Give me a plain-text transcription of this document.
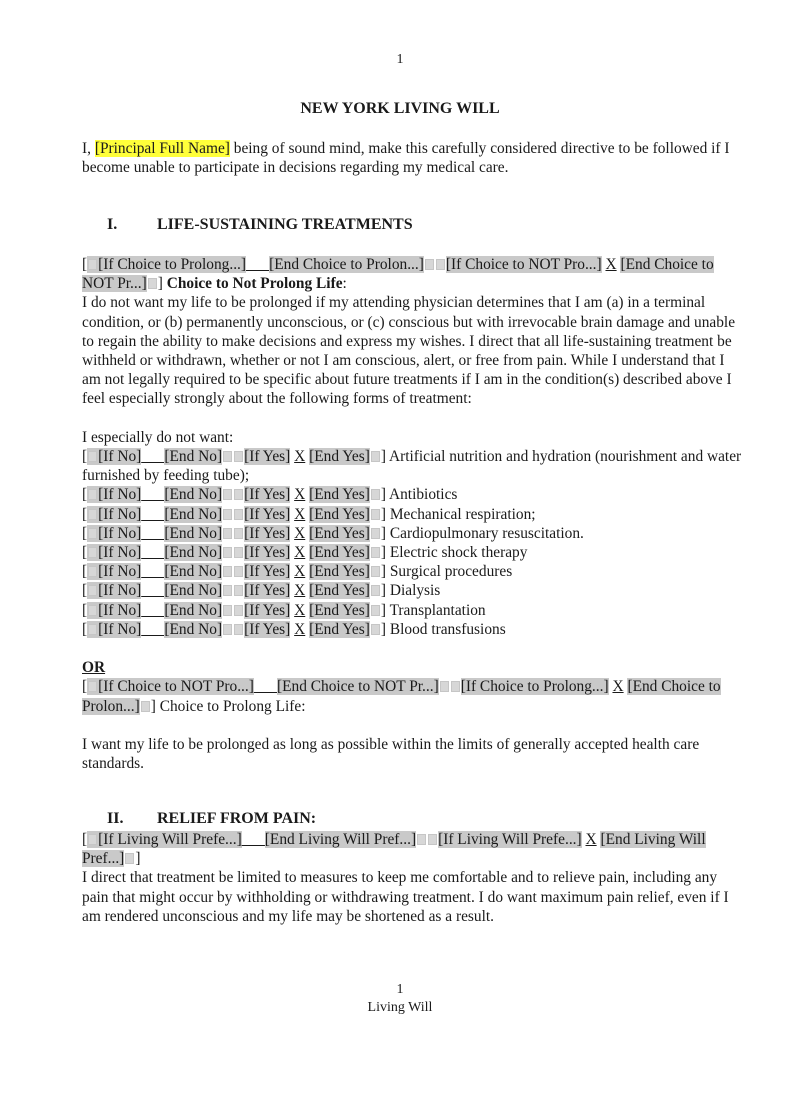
1
NEW YORK LIVING WILL

I, [Principal Full Name] being of sound mind, make this carefully considered directive to be followed if I become unable to participate in decisions regarding my medical care.

I. LIFE-SUSTAINING TREATMENTS

[ [If Choice to Prolong...]___[End Choice to Prolon...] [If Choice to NOT Pro...] X [End Choice to NOT Pr...] ] Choice to Not Prolong Life:

I do not want my life to be prolonged if my attending physician determines that I am (a) in a terminal condition, or (b) permanently unconscious, or (c) conscious but with irrevocable brain damage and unable to regain the ability to make decisions and express my wishes. I direct that all life-sustaining treatment be withheld or withdrawn, whether or not I am conscious, alert, or free from pain. While I understand that I am not legally required to be specific about future treatments if I am in the condition(s) described above I feel especially strongly about the following forms of treatment:

I especially do not want:

[ [If No]___[End No] [If Yes] X [End Yes] ] Artificial nutrition and hydration (nourishment and water furnished by feeding tube);

[ [If No]___[End No] [If Yes] X [End Yes] ] Antibiotics

[ [If No]___[End No] [If Yes] X [End Yes] ] Mechanical respiration;

[ [If No]___[End No] [If Yes] X [End Yes] ] Cardiopulmonary resuscitation.

[ [If No]___[End No] [If Yes] X [End Yes] ] Electric shock therapy

[ [If No]___[End No] [If Yes] X [End Yes] ] Surgical procedures

[ [If No]___[End No] [If Yes] X [End Yes] ] Dialysis

[ [If No]___[End No] [If Yes] X [End Yes] ] Transplantation

[ [If No]___[End No] [If Yes] X [End Yes] ] Blood transfusions

OR

[ [If Choice to NOT Pro...]___[End Choice to NOT Pr...] [If Choice to Prolong...] X [End Choice to Prolon...] ] Choice to Prolong Life:

I want my life to be prolonged as long as possible within the limits of generally accepted health care standards.

II. RELIEF FROM PAIN:

[ [If Living Will Prefe...]___[End Living Will Pref...] [If Living Will Prefe...] X [End Living Will Pref...] ]

I direct that treatment be limited to measures to keep me comfortable and to relieve pain, including any pain that might occur by withholding or withdrawing treatment. I do want maximum pain relief, even if I am rendered unconscious and my life may be shortened as a result.

1
Living Will
